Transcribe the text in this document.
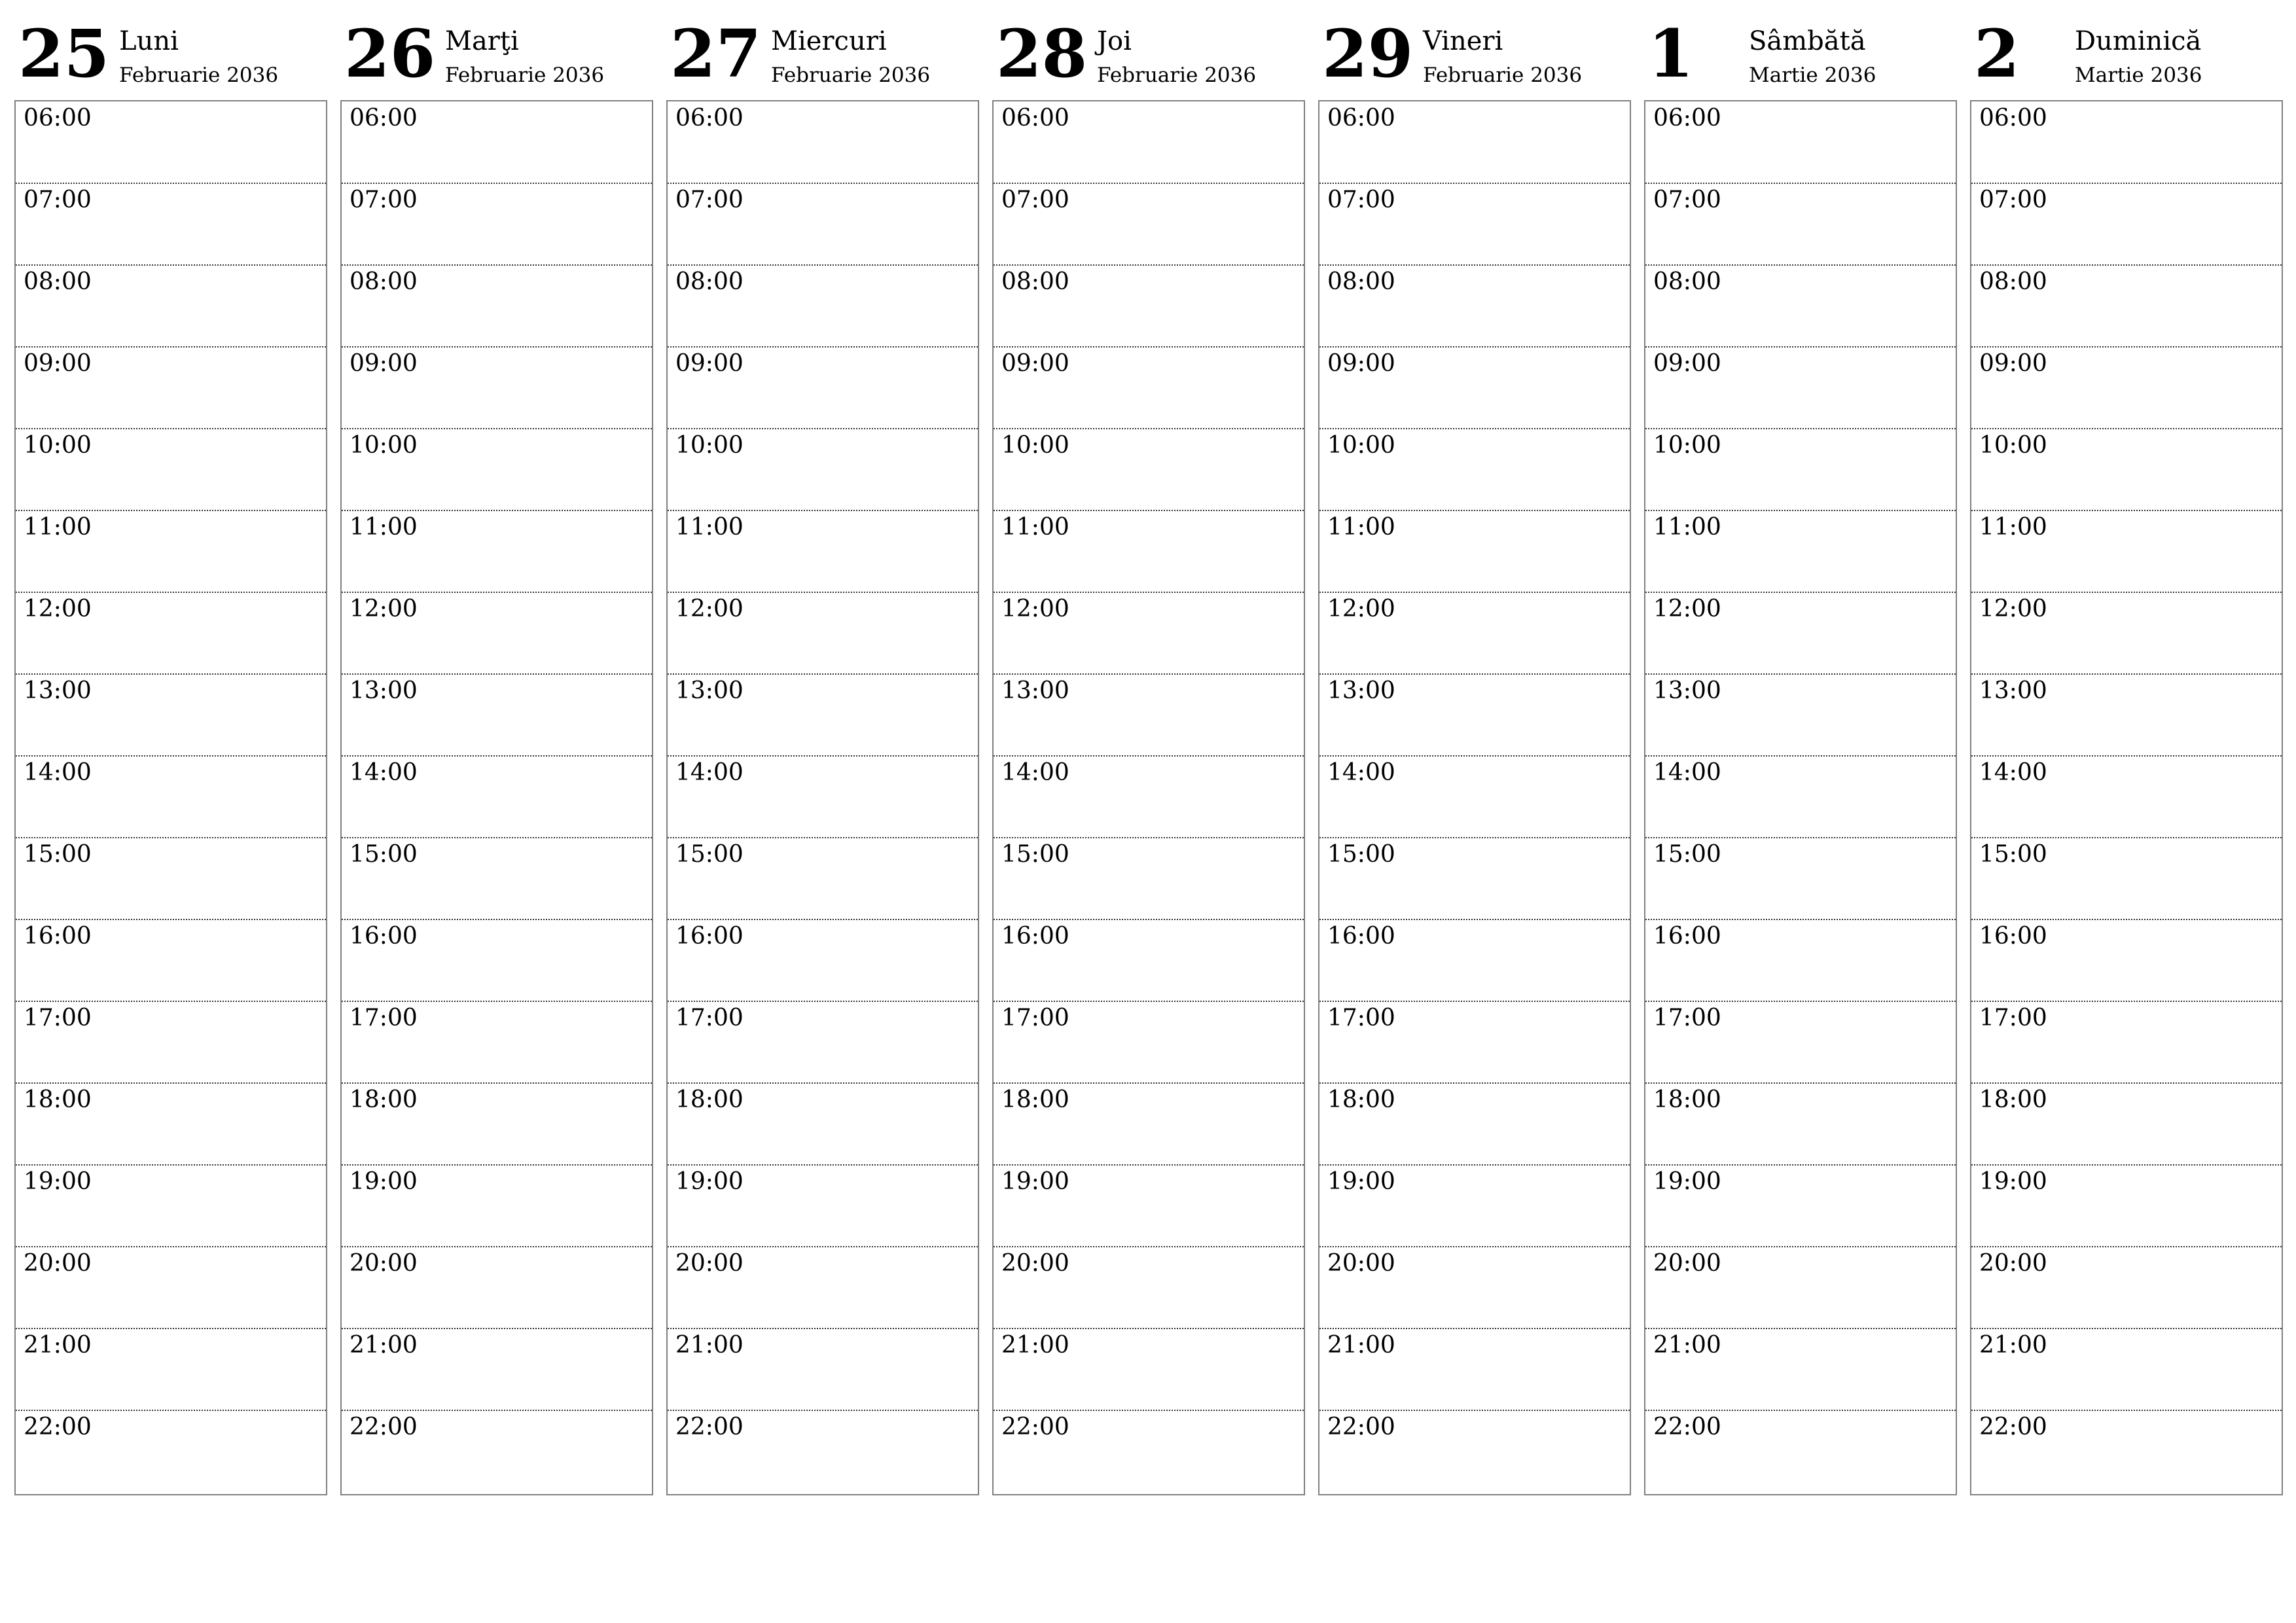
25 Luni
Februarie 2036
06:00
07:00
08:00
09:00
10:00
11:00
12:00
13:00
14:00
15:00
16:00
17:00
18:00
19:00
20:00
21:00
22:00
26 Marţi
Februarie 2036
06:00
07:00
08:00
09:00
10:00
11:00
12:00
13:00
14:00
15:00
16:00
17:00
18:00
19:00
20:00
21:00
22:00
27 Miercuri
Februarie 2036
06:00
07:00
08:00
09:00
10:00
11:00
12:00
13:00
14:00
15:00
16:00
17:00
18:00
19:00
20:00
21:00
22:00
28 Joi
Februarie 2036
06:00
07:00
08:00
09:00
10:00
11:00
12:00
13:00
14:00
15:00
16:00
17:00
18:00
19:00
20:00
21:00
22:00
29 Vineri
Februarie 2036
06:00
07:00
08:00
09:00
10:00
11:00
12:00
13:00
14:00
15:00
16:00
17:00
18:00
19:00
20:00
21:00
22:00
1 Sâmbătă
Martie 2036
06:00
07:00
08:00
09:00
10:00
11:00
12:00
13:00
14:00
15:00
16:00
17:00
18:00
19:00
20:00
21:00
22:00
2 Duminică
Martie 2036
06:00
07:00
08:00
09:00
10:00
11:00
12:00
13:00
14:00
15:00
16:00
17:00
18:00
19:00
20:00
21:00
22:00
